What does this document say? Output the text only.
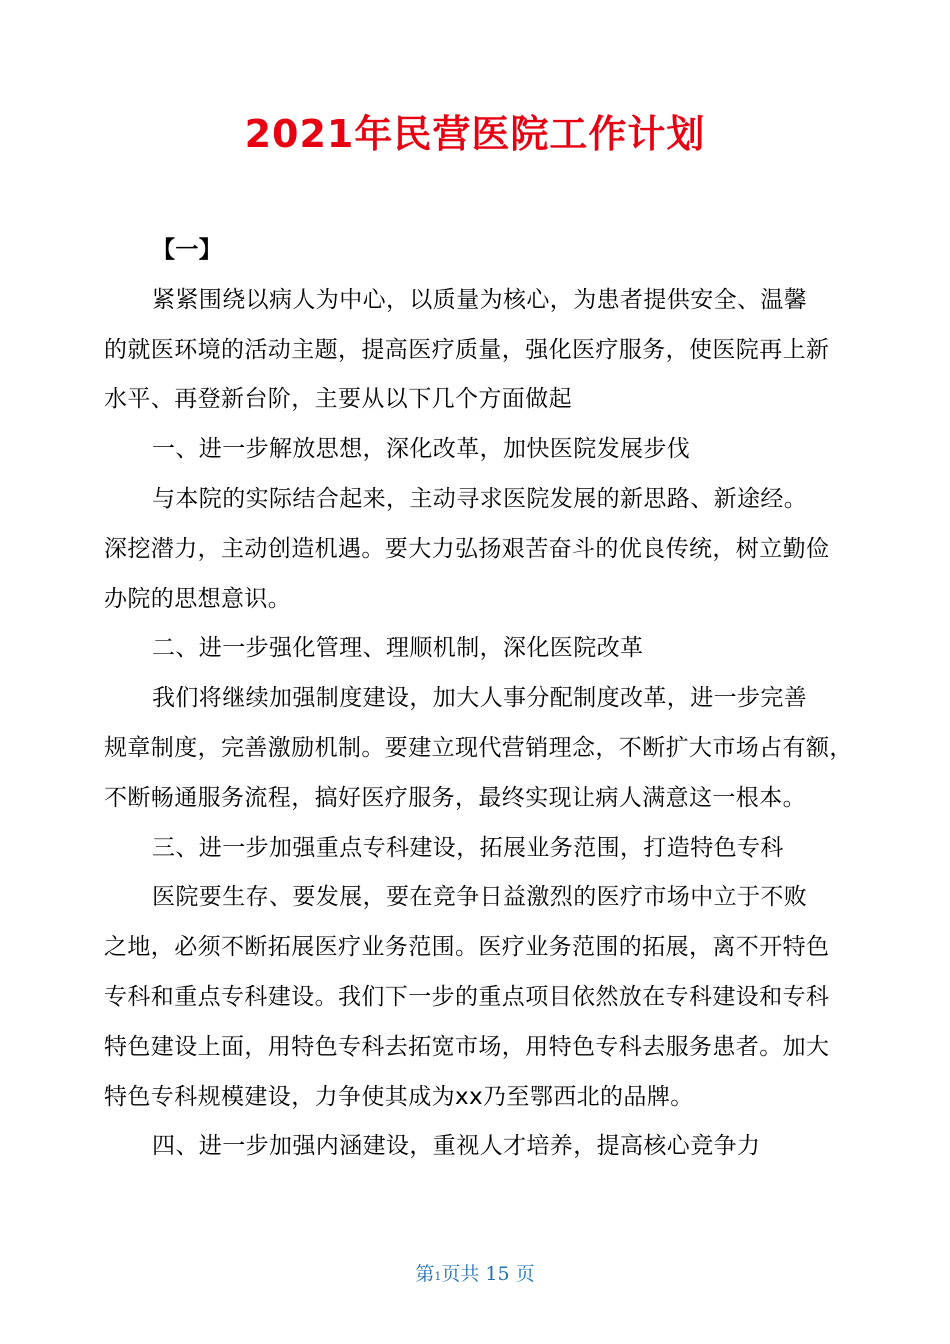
2021年民营医院工作计划

【一】

紧紧围绕以病人为中心，以质量为核心，为患者提供安全、温馨
的就医环境的活动主题，提高医疗质量，强化医疗服务，使医院再上新
水平、再登新台阶，主要从以下几个方面做起

一、进一步解放思想，深化改革，加快医院发展步伐

与本院的实际结合起来，主动寻求医院发展的新思路、新途经。
深挖潜力，主动创造机遇。要大力弘扬艰苦奋斗的优良传统，树立勤俭
办院的思想意识。

二、进一步强化管理、理顺机制，深化医院改革

我们将继续加强制度建设，加大人事分配制度改革，进一步完善
规章制度，完善激励机制。要建立现代营销理念，不断扩大市场占有额，
不断畅通服务流程，搞好医疗服务，最终实现让病人满意这一根本。

三、进一步加强重点专科建设，拓展业务范围，打造特色专科

医院要生存、要发展，要在竞争日益激烈的医疗市场中立于不败
之地，必须不断拓展医疗业务范围。医疗业务范围的拓展，离不开特色
专科和重点专科建设。我们下一步的重点项目依然放在专科建设和专科
特色建设上面，用特色专科去拓宽市场，用特色专科去服务患者。加大
特色专科规模建设，力争使其成为xx乃至鄂西北的品牌。

四、进一步加强内涵建设，重视人才培养，提高核心竞争力

第1页共 15 页
